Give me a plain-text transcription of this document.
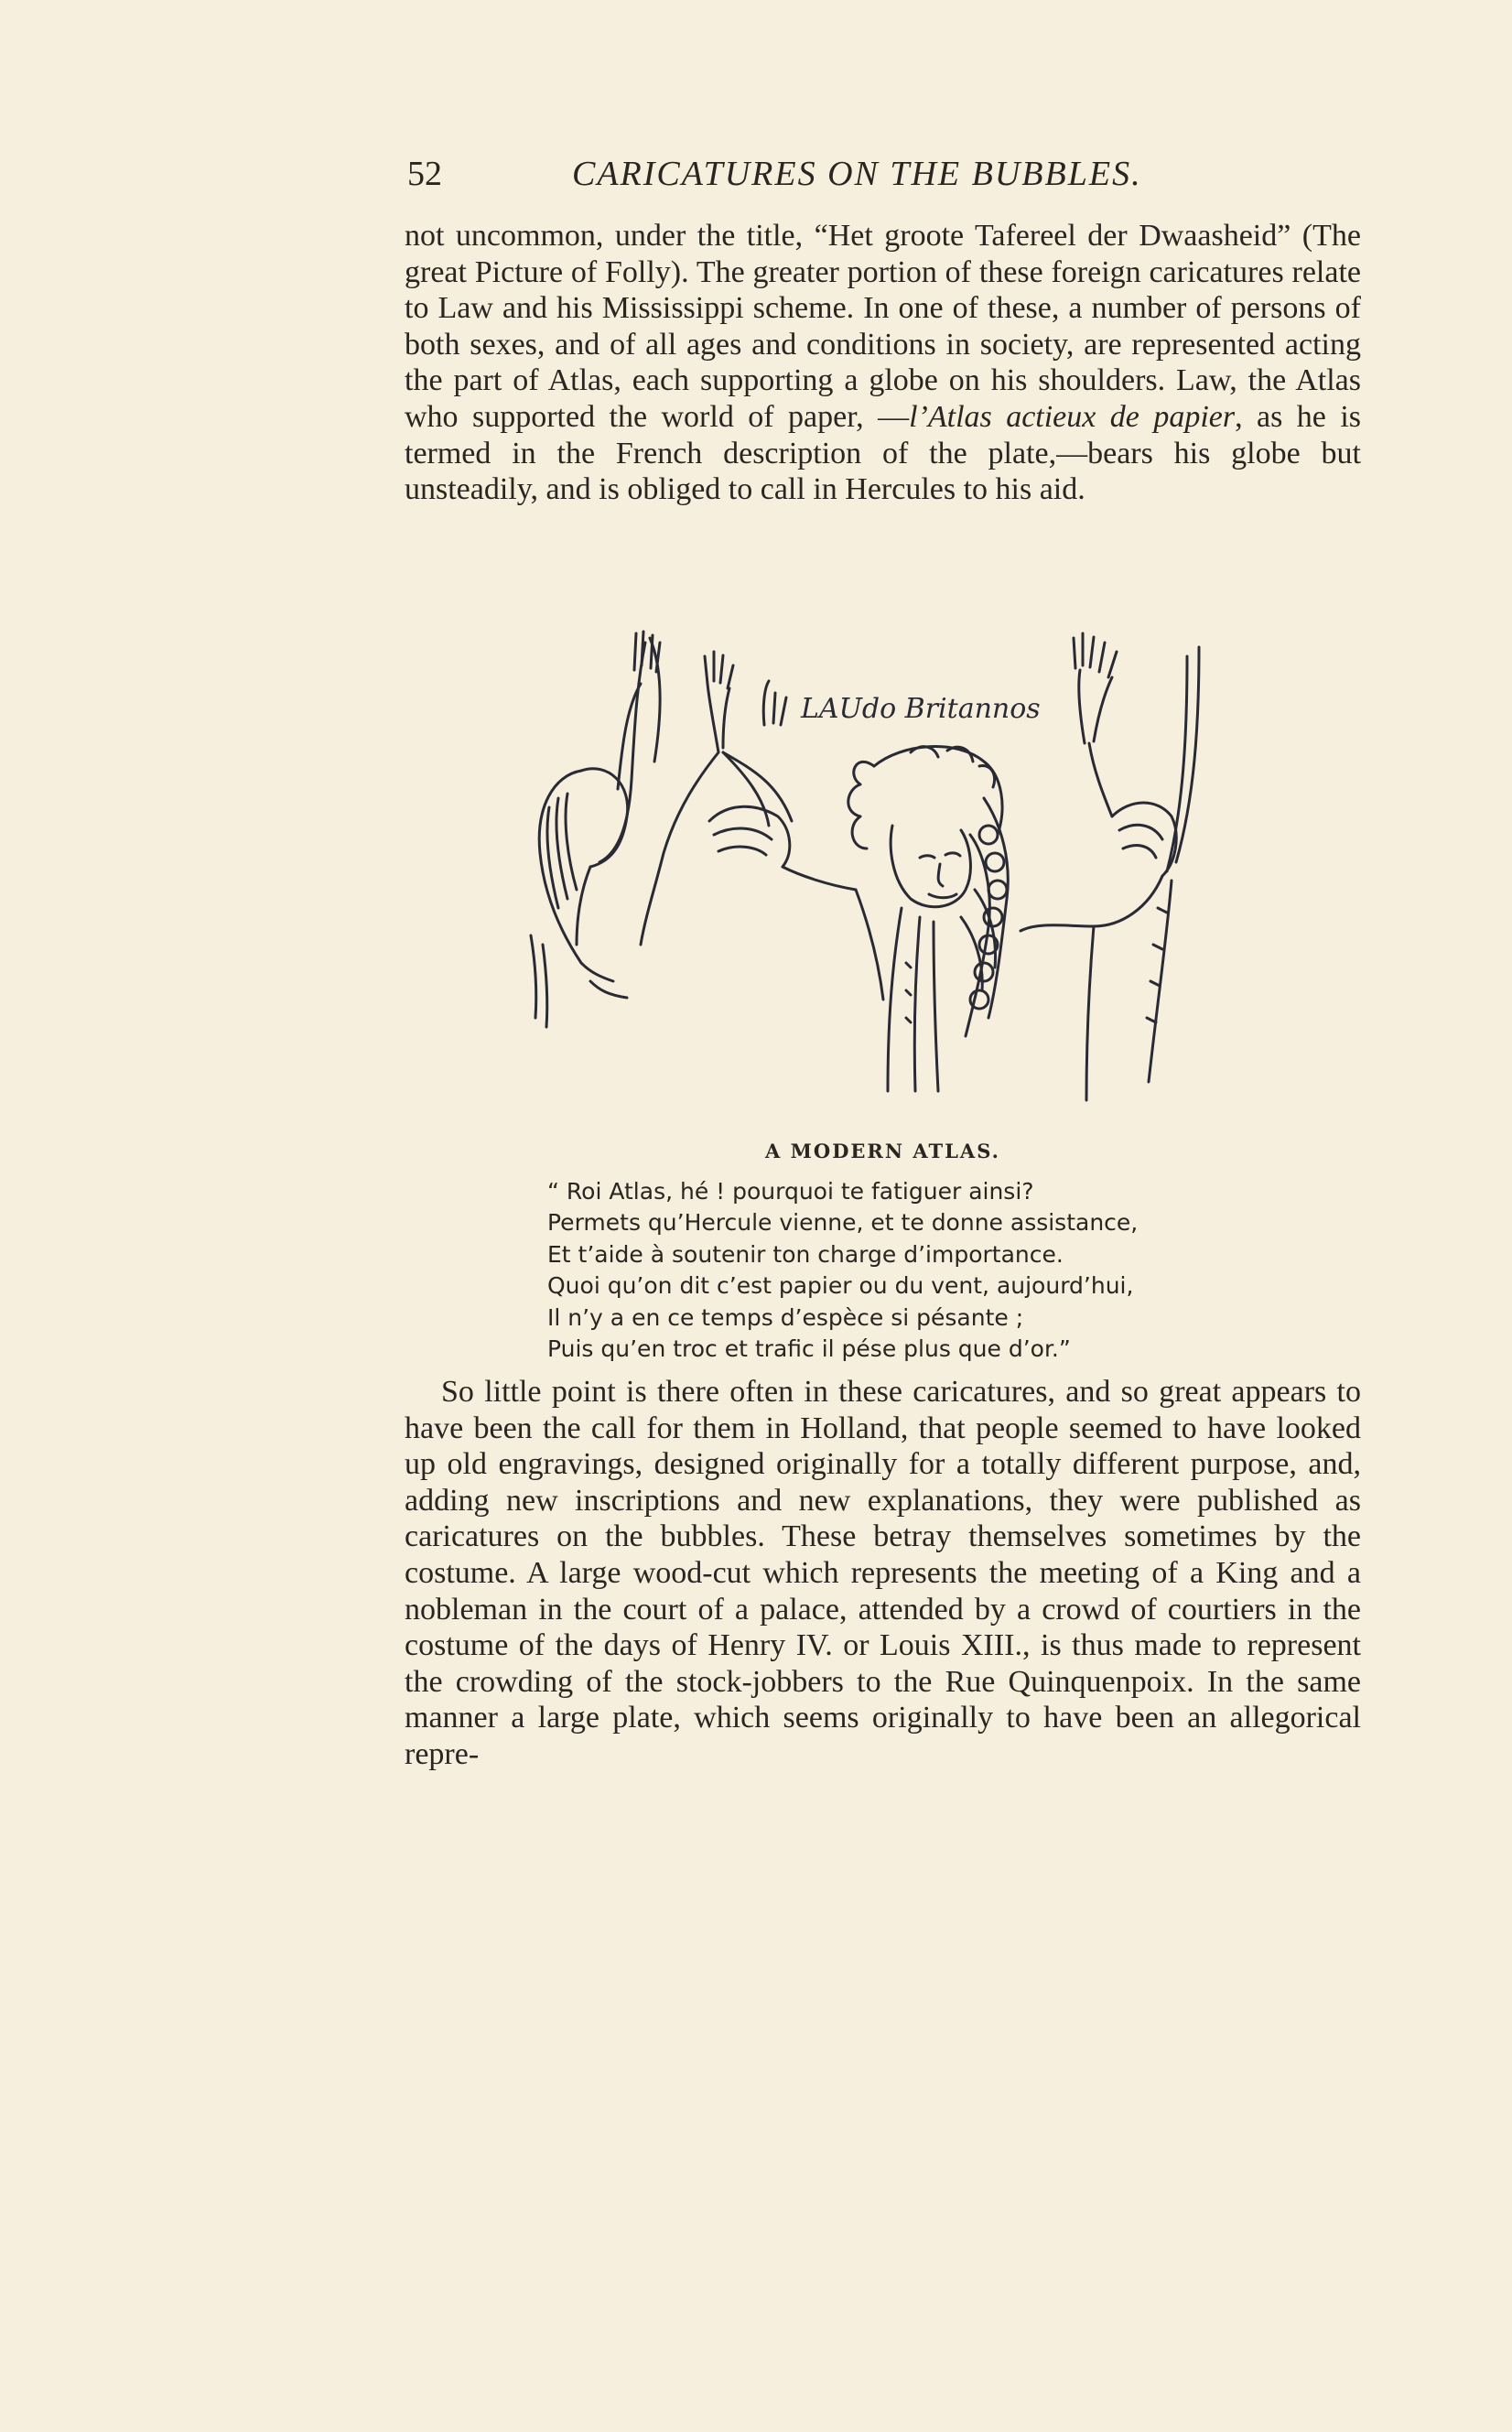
52	CARICATURES ON THE BUBBLES.

not uncommon, under the title, “Het groote Tafereel der Dwaasheid” (The great Picture of Folly). The greater portion of these foreign caricatures relate to Law and his Mississippi scheme. In one of these, a number of persons of both sexes, and of all ages and conditions in society, are represented acting the part of Atlas, each supporting a globe on his shoulders. Law, the Atlas who supported the world of paper, —l’Atlas actieux de papier, as he is termed in the French description of the plate,—bears his globe but unsteadily, and is obliged to call in Hercules to his aid.

LAUdo Britannos
A MODERN ATLAS.
“ Roi Atlas, hé ! pourquoi te fatiguer ainsi?
Permets qu’Hercule vienne, et te donne assistance,
Et t’aide à soutenir ton charge d’importance.
Quoi qu’on dit c’est papier ou du vent, aujourd’hui,
Il n’y a en ce temps d’espèce si pésante ;
Puis qu’en troc et trafic il pése plus que d’or.”

So little point is there often in these caricatures, and so great appears to have been the call for them in Holland, that people seemed to have looked up old engravings, designed originally for a totally different purpose, and, adding new inscriptions and new explanations, they were published as caricatures on the bubbles. These betray themselves sometimes by the costume. A large wood-cut which represents the meeting of a King and a nobleman in the court of a palace, attended by a crowd of courtiers in the costume of the days of Henry IV. or Louis XIII., is thus made to represent the crowding of the stock-jobbers to the Rue Quinquenpoix. In the same manner a large plate, which seems originally to have been an allegorical repre-
